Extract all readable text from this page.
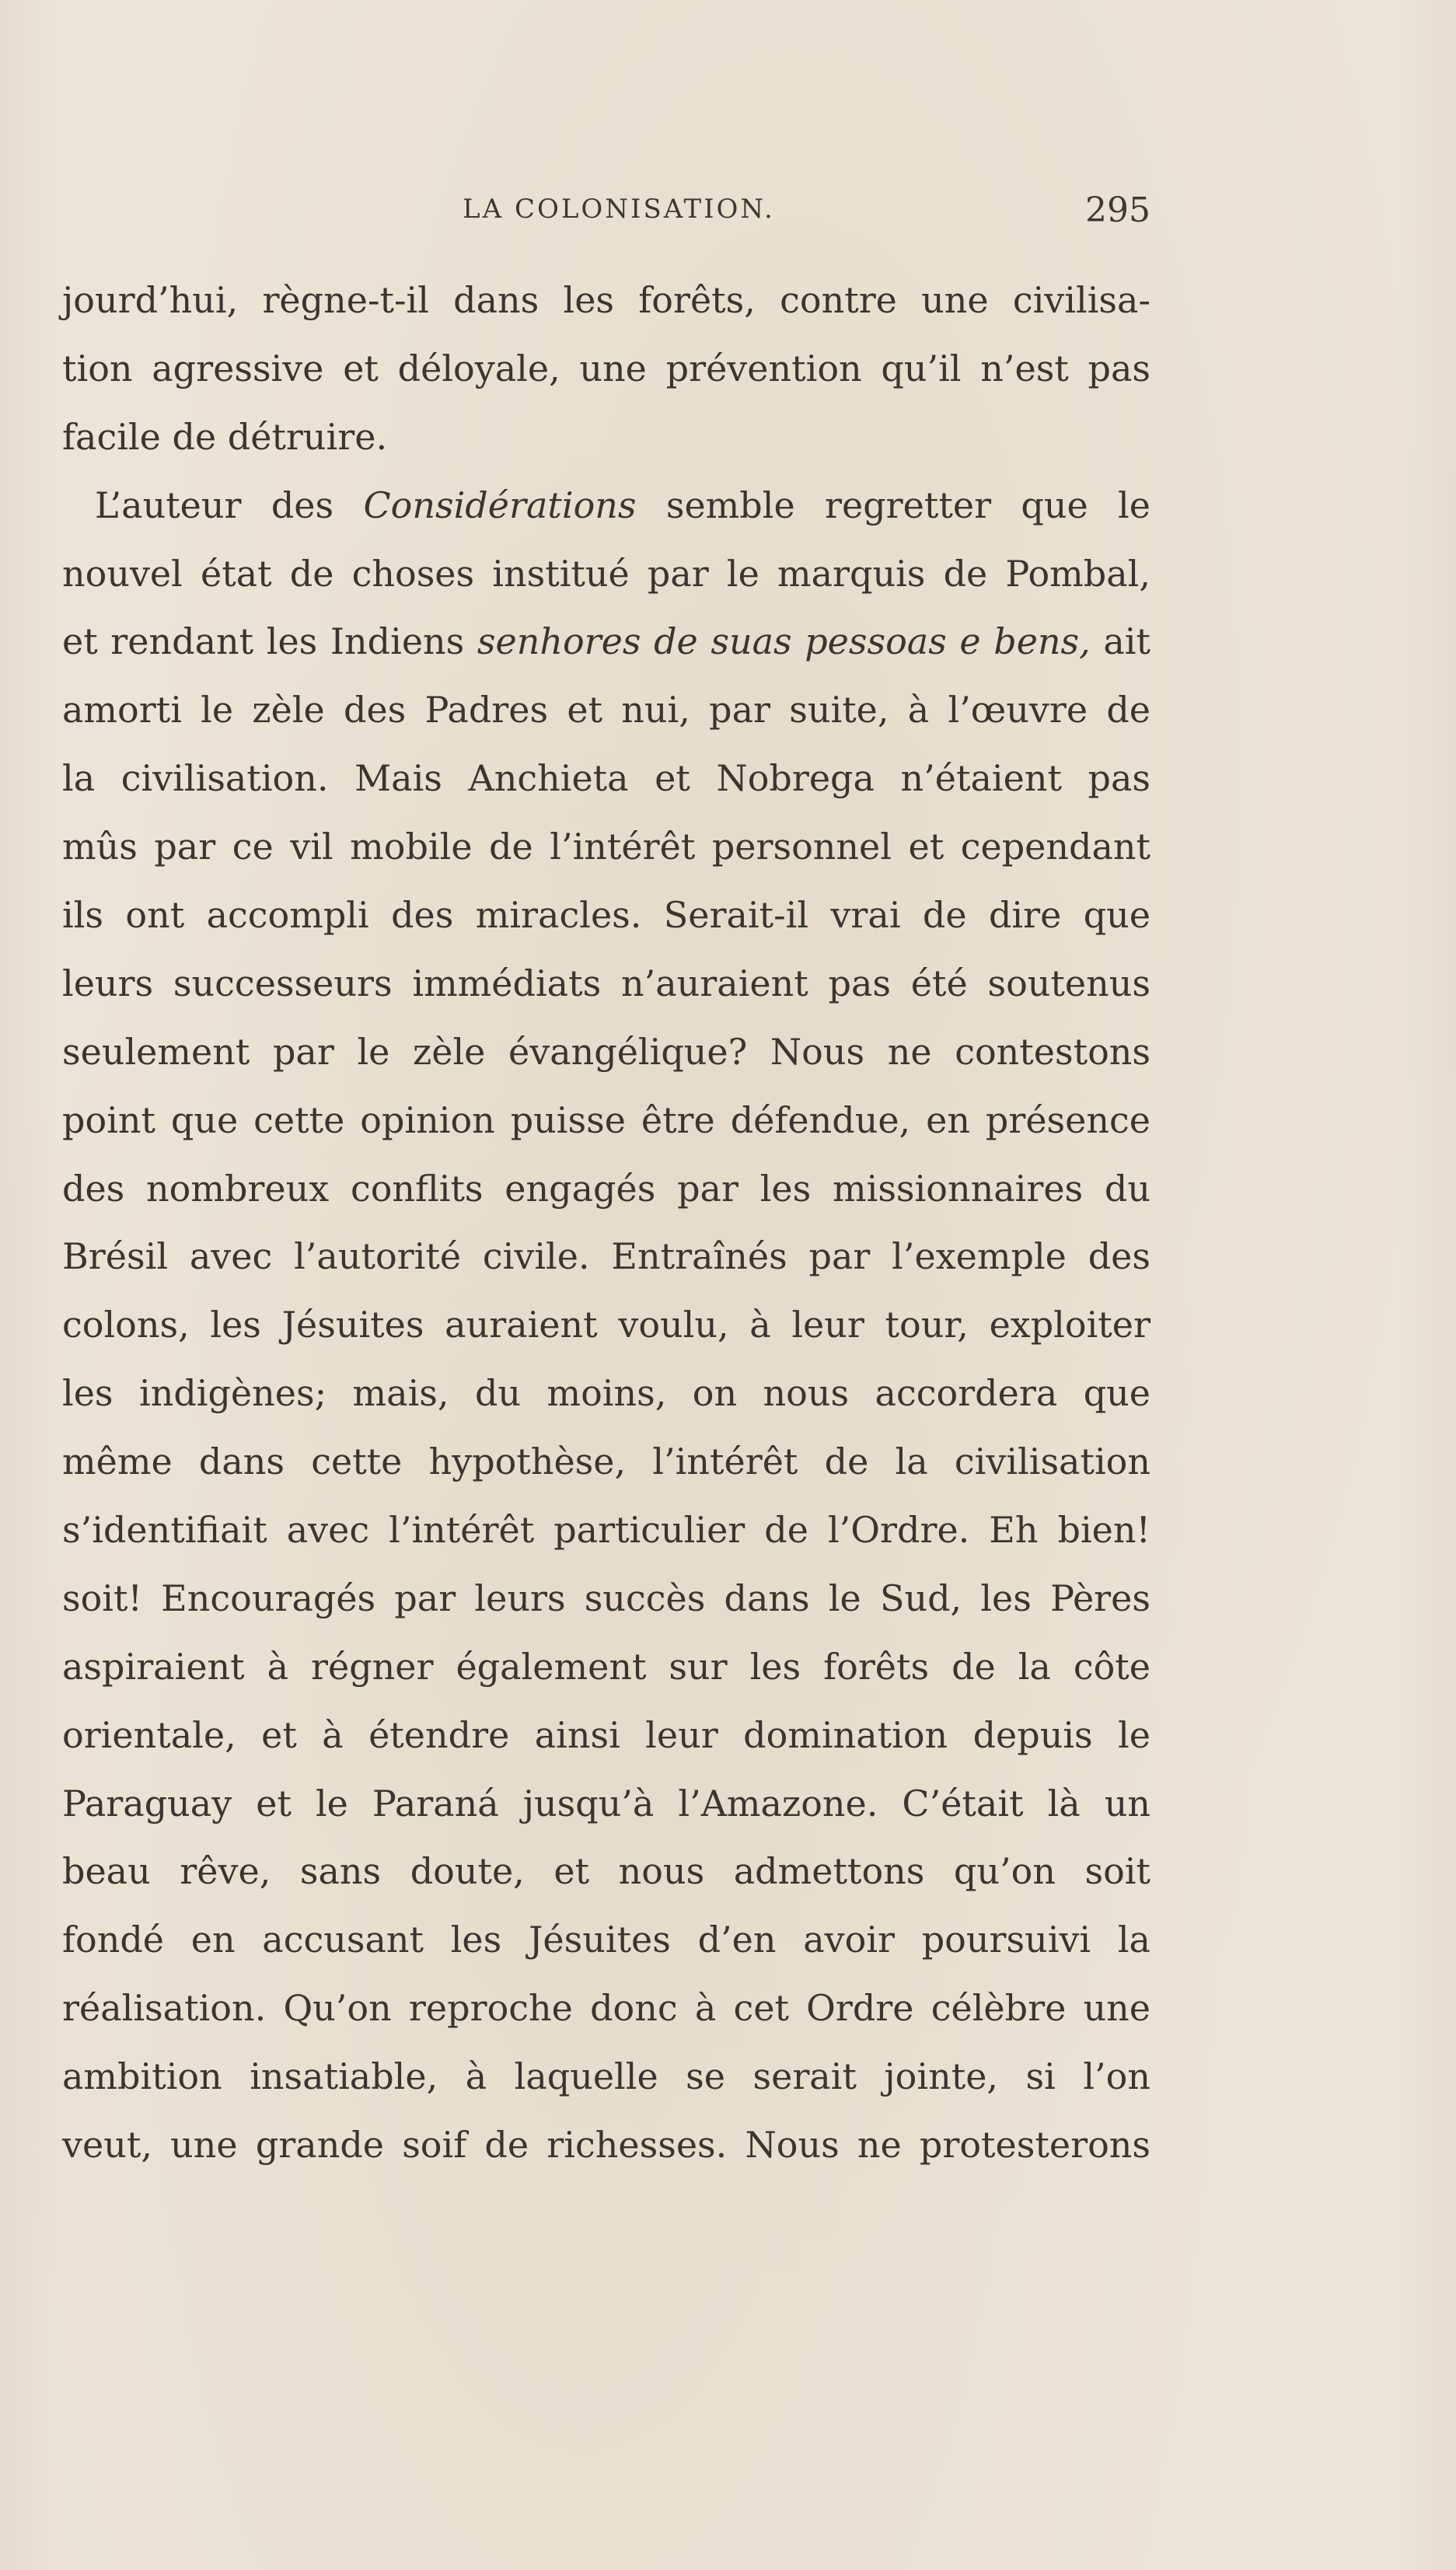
LA COLONISATION.	295
jourd’hui, règne-t-il dans les forêts, contre une civilisa-
tion agressive et déloyale, une prévention qu’il n’est pas
facile de détruire.
L’auteur des Considérations semble regretter que le
nouvel état de choses institué par le marquis de Pombal,
et rendant les Indiens senhores de suas pessoas e bens, ait
amorti le zèle des Padres et nui, par suite, à l’œuvre de
la civilisation. Mais Anchieta et Nobrega n’étaient pas
mûs par ce vil mobile de l’intérêt personnel et cependant
ils ont accompli des miracles. Serait-il vrai de dire que
leurs successeurs immédiats n’auraient pas été soutenus
seulement par le zèle évangélique? Nous ne contestons
point que cette opinion puisse être défendue, en présence
des nombreux conflits engagés par les missionnaires du
Brésil avec l’autorité civile. Entraînés par l’exemple des
colons, les Jésuites auraient voulu, à leur tour, exploiter
les indigènes; mais, du moins, on nous accordera que
même dans cette hypothèse, l’intérêt de la civilisation
s’identifiait avec l’intérêt particulier de l’Ordre. Eh bien!
soit! Encouragés par leurs succès dans le Sud, les Pères
aspiraient à régner également sur les forêts de la côte
orientale, et à étendre ainsi leur domination depuis le
Paraguay et le Paraná jusqu’à l’Amazone. C’était là un
beau rêve, sans doute, et nous admettons qu’on soit
fondé en accusant les Jésuites d’en avoir poursuivi la
réalisation. Qu’on reproche donc à cet Ordre célèbre une
ambition insatiable, à laquelle se serait jointe, si l’on
veut, une grande soif de richesses. Nous ne protesterons
